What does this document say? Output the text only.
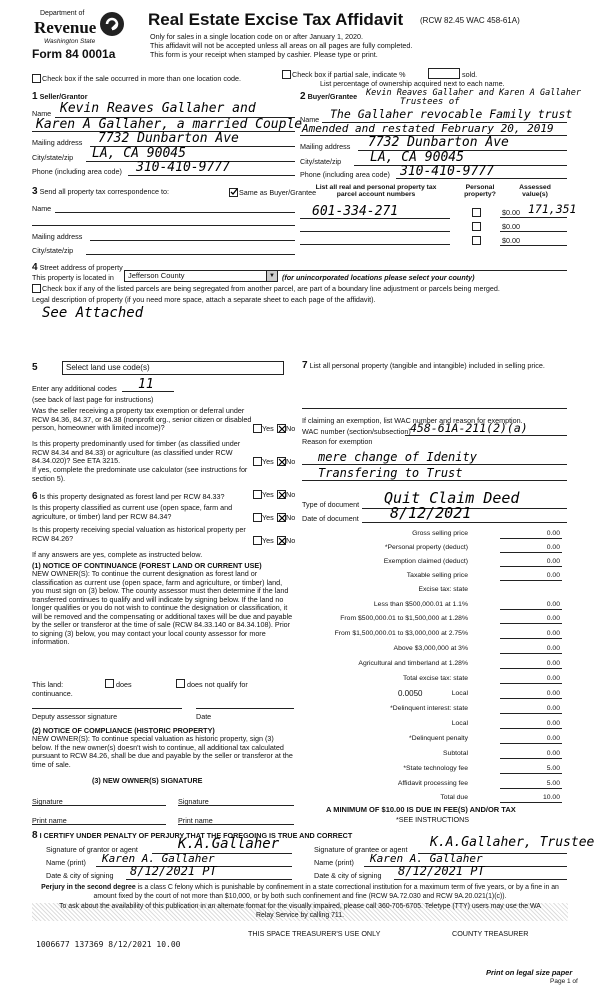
Department of
Revenue
Washington State
Form 84 0001a
Real Estate Excise Tax Affidavit (RCW 82.45 WAC 458-61A)
Only for sales in a single location code on or after January 1, 2020.
This affidavit will not be accepted unless all areas on all pages are fully completed.
This form is your receipt when stamped by cashier. Please type or print.
Check box if the sale occurred in more than one location code.	Check box if partial sale, indicate %	sold.
List percentage of ownership acquired next to each name.
1 Seller/Grantor
Name Kevin Reaves Gallaher and
Karen A Gallaher, a married Couple
Mailing address 7732 Dunbarton Ave
City/state/zip LA, CA 90045
Phone (including area code) 310-410-9777
2 Buyer/Grantee Kevin Reaves Gallaher and Karen A Gallaher
Trustees of
Name The Gallaher revocable Family trust
Amended and restated February 20, 2019
Mailing address 7732 Dunbarton Ave
City/state/zip LA, CA 90045
Phone (including area code) 310-410-9777
3 Send all property tax correspondence to:	Same as Buyer/Grantee
Name
Mailing address
City/state/zip
List all real and personal property tax parcel account numbers
Personal property?
Assessed value(s)
601-334-271	$0.00 171,351
$0.00
$0.00
4 Street address of property
This property is located in Jefferson County	▼ (for unincorporated locations please select your county)
Check box if any of the listed parcels are being segregated from another parcel, are part of a boundary line adjustment or parcels being merged.
Legal description of property (if you need more space, attach a separate sheet to each page of the affidavit).
See Attached
5	Select land use code(s)
Enter any additional codes 11
(see back of last page for instructions)
Was the seller receiving a property tax exemption or deferral under RCW 84.36, 84.37, or 84.38 (nonprofit org., senior citizen or disabled person, homeowner with limited income)?	Yes No
Is this property predominantly used for timber (as classified under RCW 84.34 and 84.33) or agriculture (as classified under RCW 84.34.020)? See ETA 3215.	Yes No
If yes, complete the predominate use calculator (see instructions for section 5).
6 Is this property designated as forest land per RCW 84.33?	Yes No
Is this property classified as current use (open space, farm and agriculture, or timber) land per RCW 84.34?	Yes No
Is this property receiving special valuation as historical property per RCW 84.26?	Yes No
If any answers are yes, complete as instructed below.
(1) NOTICE OF CONTINUANCE (FOREST LAND OR CURRENT USE)
NEW OWNER(S): To continue the current designation as forest land or classification as current use (open space, farm and agriculture, or timber) land, you must sign on (3) below. The county assessor must then determine if the land transferred continues to qualify and will indicate by signing below. If the land no longer qualifies or you do not wish to continue the designation or classification, it will be removed and the compensating or additional taxes will be due and payable by the seller or transferor at the time of sale (RCW 84.33.140 or 84.34.108). Prior to signing (3) below, you may contact your local county assessor for more information.
This land:	does	does not qualify for
continuance.
Deputy assessor signature	Date
(2) NOTICE OF COMPLIANCE (HISTORIC PROPERTY)
NEW OWNER(S): To continue special valuation as historic property, sign (3) below. If the new owner(s) doesn't wish to continue, all additional tax calculated pursuant to RCW 84.26, shall be due and payable by the seller or transferor at the time of sale.
(3) NEW OWNER(S) SIGNATURE
Signature	Signature
Print name	Print name
7 List all personal property (tangible and intangible) included in selling price.
If claiming an exemption, list WAC number and reason for exemption.
WAC number (section/subsection) 458-61A-211(2)(a)
Reason for exemption
mere change of Idenity
Transfering to Trust
Type of document Quit Claim Deed
Date of document 8/12/2021
Gross selling price	0.00
*Personal property (deduct)	0.00
Exemption claimed (deduct)	0.00
Taxable selling price	0.00
Excise tax: state
Less than $500,000.01 at 1.1%	0.00
From $500,000.01 to $1,500,000 at 1.28%	0.00
From $1,500,000.01 to $3,000,000 at 2.75%	0.00
Above $3,000,000 at 3%	0.00
Agricultural and timberland at 1.28%	0.00
Total excise tax: state	0.00
0.0050	Local	0.00
*Delinquent interest: state	0.00
Local	0.00
*Delinquent penalty	0.00
Subtotal	0.00
*State technology fee	5.00
Affidavit processing fee	5.00
Total due	10.00
A MINIMUM OF $10.00 IS DUE IN FEE(S) AND/OR TAX
*SEE INSTRUCTIONS
8 I CERTIFY UNDER PENALTY OF PERJURY THAT THE FOREGOING IS TRUE AND CORRECT
Signature of grantor or agent	K.A.Gallaher
Name (print) Karen A. Gallaher
Date & city of signing 8/12/2021 PT
Signature of grantee or agent K.A.Gallaher, Trustee
Name (print) Karen A. Gallaher
Date & city of signing 8/12/2021 PT
Perjury in the second degree is a class C felony which is punishable by confinement in a state correctional institution for a maximum term of five years, or by a fine in an amount fixed by the court of not more than $10,000, or by both such confinement and fine (RCW 9A.72.030 and RCW 9A.20.021(1)(c)).
To ask about the availability of this publication in an alternate format for the visually impaired, please call 360-705-6705. Teletype (TTY) users may use the WA Relay Service by calling 711.
1006677 137369 8/12/2021 10.00
THIS SPACE TREASURER'S USE ONLY	COUNTY TREASURER
Print on legal size paper
Page 1 of
